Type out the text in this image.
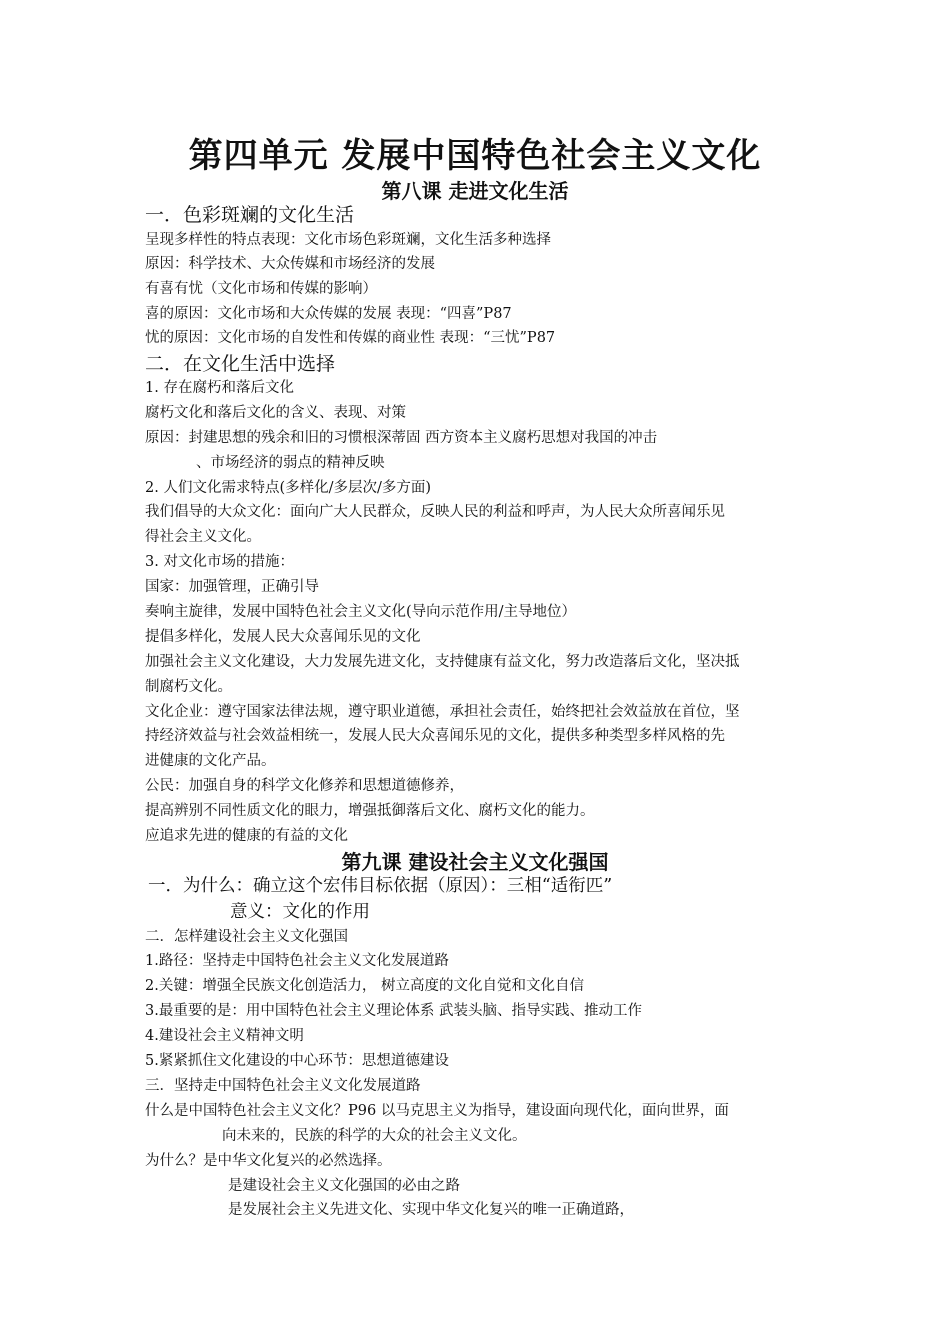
第四单元 发展中国特色社会主义文化
第八课 走进文化生活
一．色彩斑斓的文化生活
呈现多样性的特点表现：文化市场色彩斑斓，文化生活多种选择
原因：科学技术、大众传媒和市场经济的发展
有喜有忧（文化市场和传媒的影响）
喜的原因：文化市场和大众传媒的发展 表现：“四喜”P87
忧的原因：文化市场的自发性和传媒的商业性 表现：“三忧”P87
二．在文化生活中选择
1. 存在腐朽和落后文化
腐朽文化和落后文化的含义、表现、对策
原因：封建思想的残余和旧的习惯根深蒂固 西方资本主义腐朽思想对我国的冲击
、市场经济的弱点的精神反映
2. 人们文化需求特点(多样化/多层次/多方面)
我们倡导的大众文化：面向广大人民群众，反映人民的利益和呼声，为人民大众所喜闻乐见
得社会主义文化。
3. 对文化市场的措施：
国家：加强管理，正确引导
奏响主旋律，发展中国特色社会主义文化(导向示范作用/主导地位）
提倡多样化，发展人民大众喜闻乐见的文化
加强社会主义文化建设，大力发展先进文化，支持健康有益文化，努力改造落后文化，坚决抵
制腐朽文化。
文化企业：遵守国家法律法规，遵守职业道德，承担社会责任，始终把社会效益放在首位，坚
持经济效益与社会效益相统一，发展人民大众喜闻乐见的文化，提供多种类型多样风格的先
进健康的文化产品。
公民：加强自身的科学文化修养和思想道德修养，
提高辨别不同性质文化的眼力，增强抵御落后文化、腐朽文化的能力。
应追求先进的健康的有益的文化
第九课 建设社会主义文化强国
一．为什么：确立这个宏伟目标依据（原因）：三相“适衔匹”
意义：文化的作用
二．怎样建设社会主义文化强国
1.路径：坚持走中国特色社会主义文化发展道路
2.关键：增强全民族文化创造活力， 树立高度的文化自觉和文化自信
3.最重要的是：用中国特色社会主义理论体系 武装头脑、指导实践、推动工作
4.建设社会主义精神文明
5.紧紧抓住文化建设的中心环节：思想道德建设
三．坚持走中国特色社会主义文化发展道路
什么是中国特色社会主义文化？P96 以马克思主义为指导，建设面向现代化，面向世界，面
向未来的，民族的科学的大众的社会主义文化。
为什么？是中华文化复兴的必然选择。
是建设社会主义文化强国的必由之路
是发展社会主义先进文化、实现中华文化复兴的唯一正确道路，
